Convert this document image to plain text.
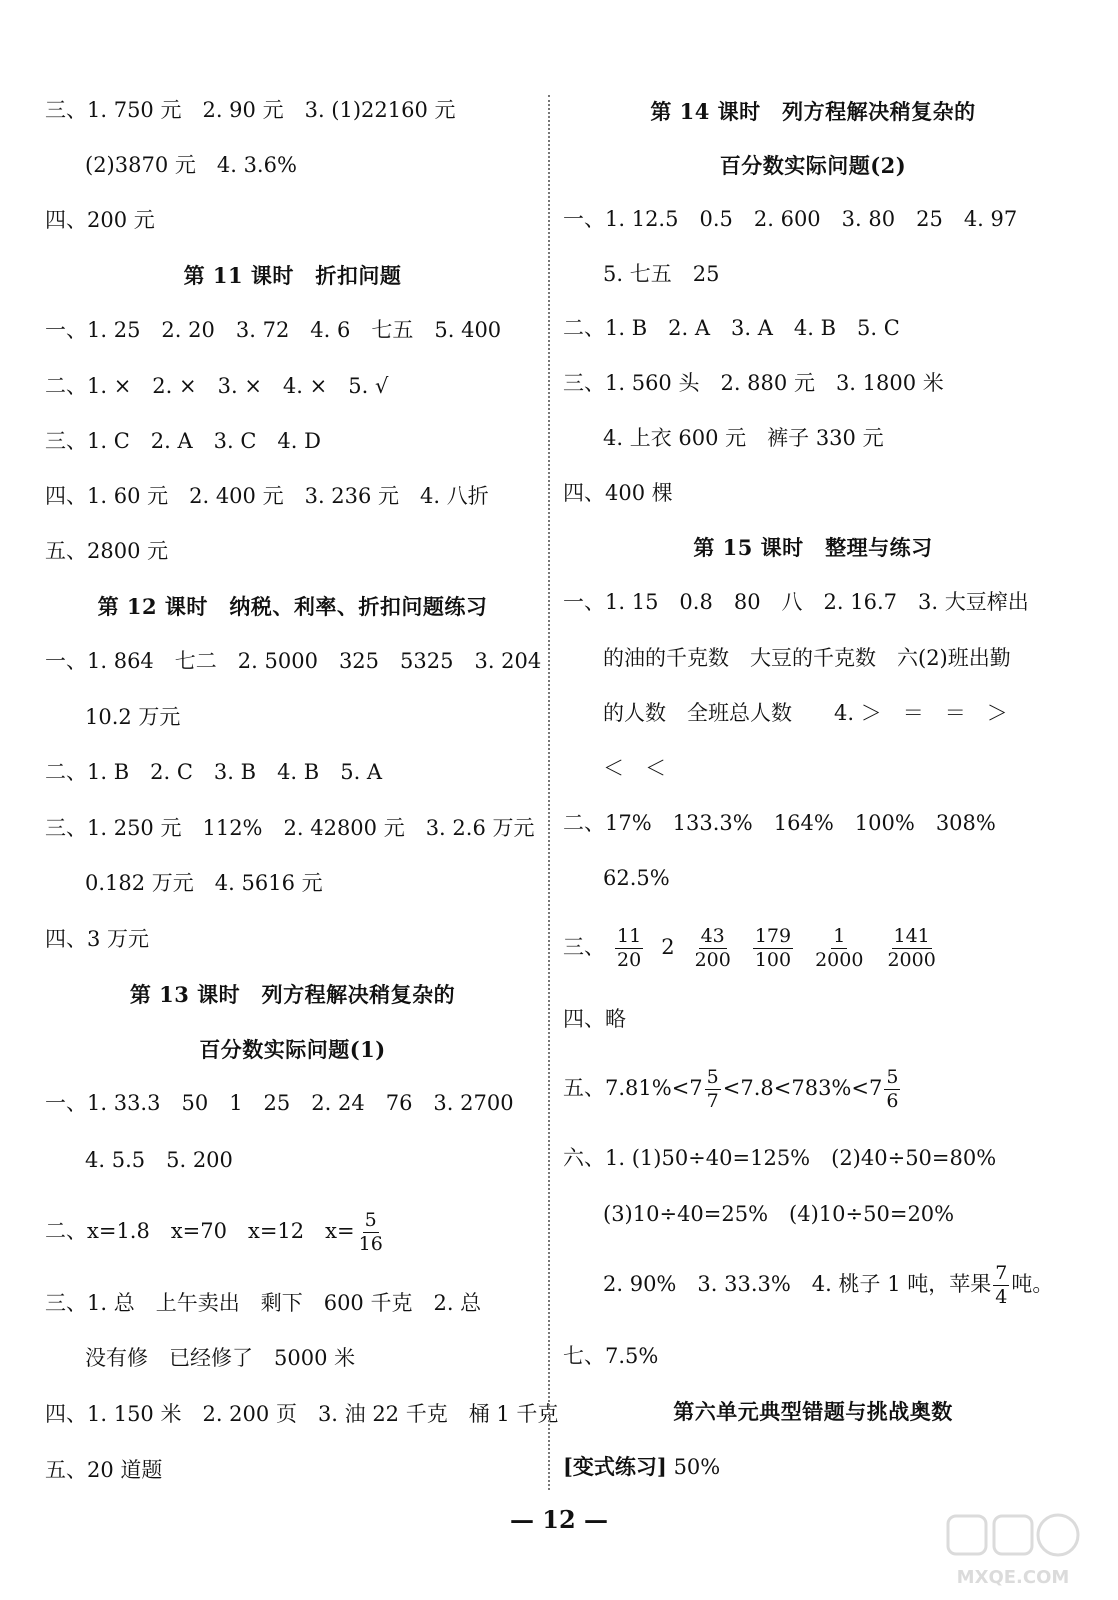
三、1. 750 元　2. 90 元　3. (1)22160 元
(2)3870 元　4. 3.6%
四、200 元
第 11 课时　折扣问题
一、1. 25　2. 20　3. 72　4. 6　七五　5. 400
二、1. ×　2. ×　3. ×　4. ×　5. √
三、1. C　2. A　3. C　4. D
四、1. 60 元　2. 400 元　3. 236 元　4. 八折
五、2800 元
第 12 课时　纳税、利率、折扣问题练习
一、1. 864　七二　2. 5000　325　5325　3. 204
10.2 万元
二、1. B　2. C　3. B　4. B　5. A
三、1. 250 元　112%　2. 42800 元　3. 2.6 万元
0.182 万元　4. 5616 元
四、3 万元
第 13 课时　列方程解决稍复杂的
百分数实际问题(1)
一、1. 33.3　50　1　25　2. 24　76　3. 2700
4. 5.5　5. 200
二、x=1.8　x=70　x=12　$x= \frac{5}{16}$
三、1. 总　上午卖出　剩下　600 千克　2. 总
没有修　已经修了　5000 米
四、1. 150 米　2. 200 页　3. 油 22 千克　桶 1 千克
五、20 道题
第 14 课时　列方程解决稍复杂的
百分数实际问题(2)
一、1. 12.5　0.5　2. 600　3. 80　25　4. 97
5. 七五　25
二、1. B　2. A　3. A　4. B　5. C
三、1. 560 头　2. 880 元　3. 1800 米
4. 上衣 600 元　裤子 330 元
四、400 棵
第 15 课时　整理与练习
一、1. 15　0.8　80　八　2. 16.7　3. 大豆榨出
的油的千克数　大豆的千克数　六(2)班出勤
的人数　全班总人数　　4. ＞　＝　＝　＞
＜　＜
二、17%　133.3%　164%　100%　308%
62.5%
三、 $\frac{11}{20} 2 \frac{43}{200} \frac{179}{100} \frac{1}{2000} \frac{141}{2000}$
四、略
五、$7.81\%<7 \frac{5}{7} <7.8<783\%<7 \frac{5}{6}$
六、1. (1)50÷40=125%　(2)40÷50=80%
(3)10÷40=25%　(4)10÷50=20%
2. 90%　3. 33.3%　4. 桃子 1 吨，苹果 $\frac{7}{4}$ 吨。
七、7.5%
第六单元典型错题与挑战奥数
[变式练习] 50%
— 12 —
MXQE.COM
